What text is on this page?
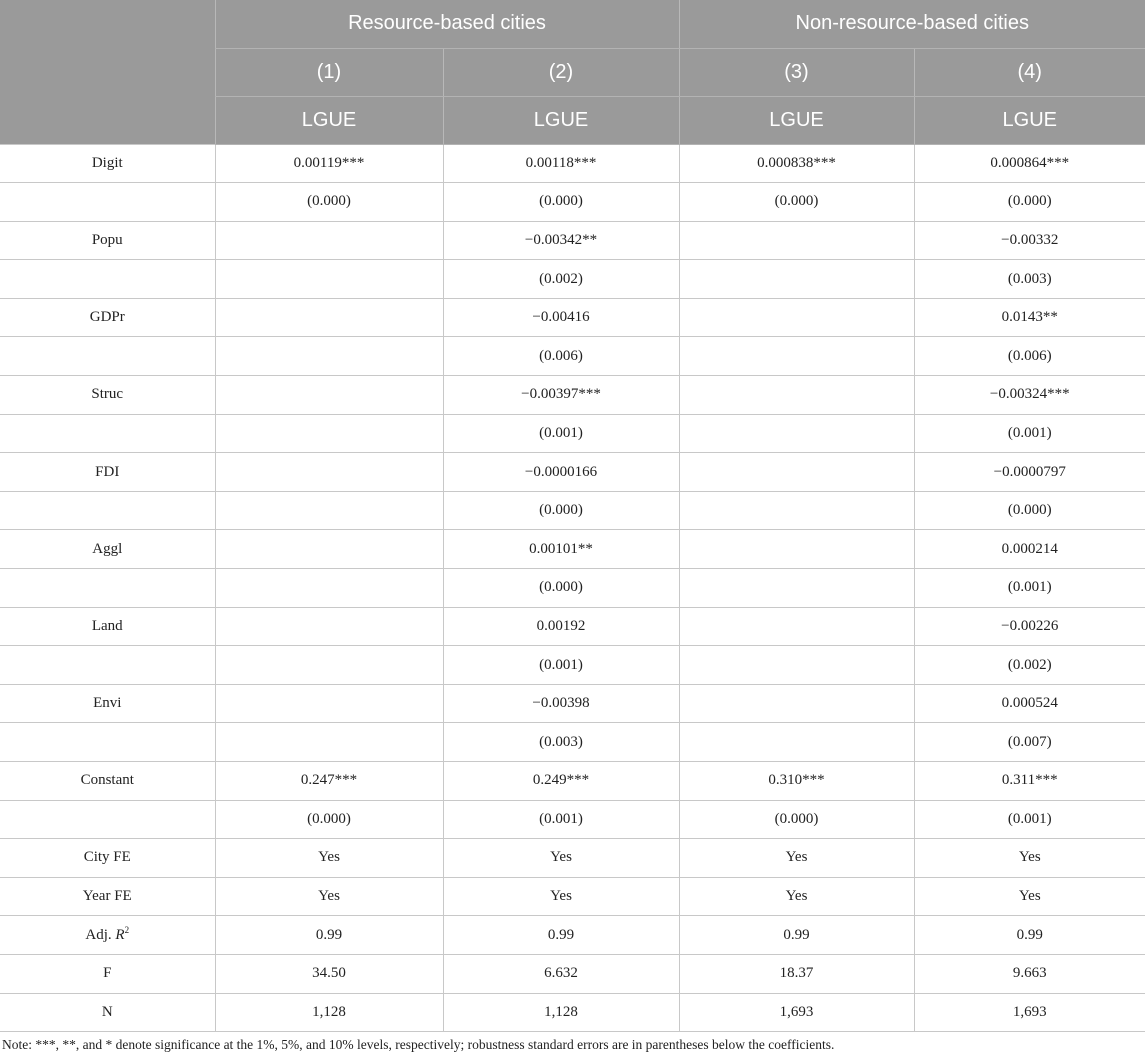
	Resource-based cities		Non-resource-based cities	
	(1)	(2)	(3)	(4)
	LGUE	LGUE	LGUE	LGUE
Digit	0.00119***	0.00118***	0.000838***	0.000864***
	(0.000)	(0.000)	(0.000)	(0.000)
Popu		−0.00342**		−0.00332
		(0.002)		(0.003)
GDPr		−0.00416		0.0143**
		(0.006)		(0.006)
Struc		−0.00397***		−0.00324***
		(0.001)		(0.001)
FDI		−0.0000166		−0.0000797
		(0.000)		(0.000)
Aggl		0.00101**		0.000214
		(0.000)		(0.001)
Land		0.00192		−0.00226
		(0.001)		(0.002)
Envi		−0.00398		0.000524
		(0.003)		(0.007)
Constant	0.247***	0.249***	0.310***	0.311***
	(0.000)	(0.001)	(0.000)	(0.001)
City FE	Yes	Yes	Yes	Yes
Year FE	Yes	Yes	Yes	Yes
Adj. $R^2$	0.99	0.99	0.99	0.99
F	34.50	6.632	18.37	9.663
N	1,128	1,128	1,693	1,693

Note: ***, **, and * denote significance at the 1%, 5%, and 10% levels, respectively; robustness standard errors are in parentheses below the coefficients.
